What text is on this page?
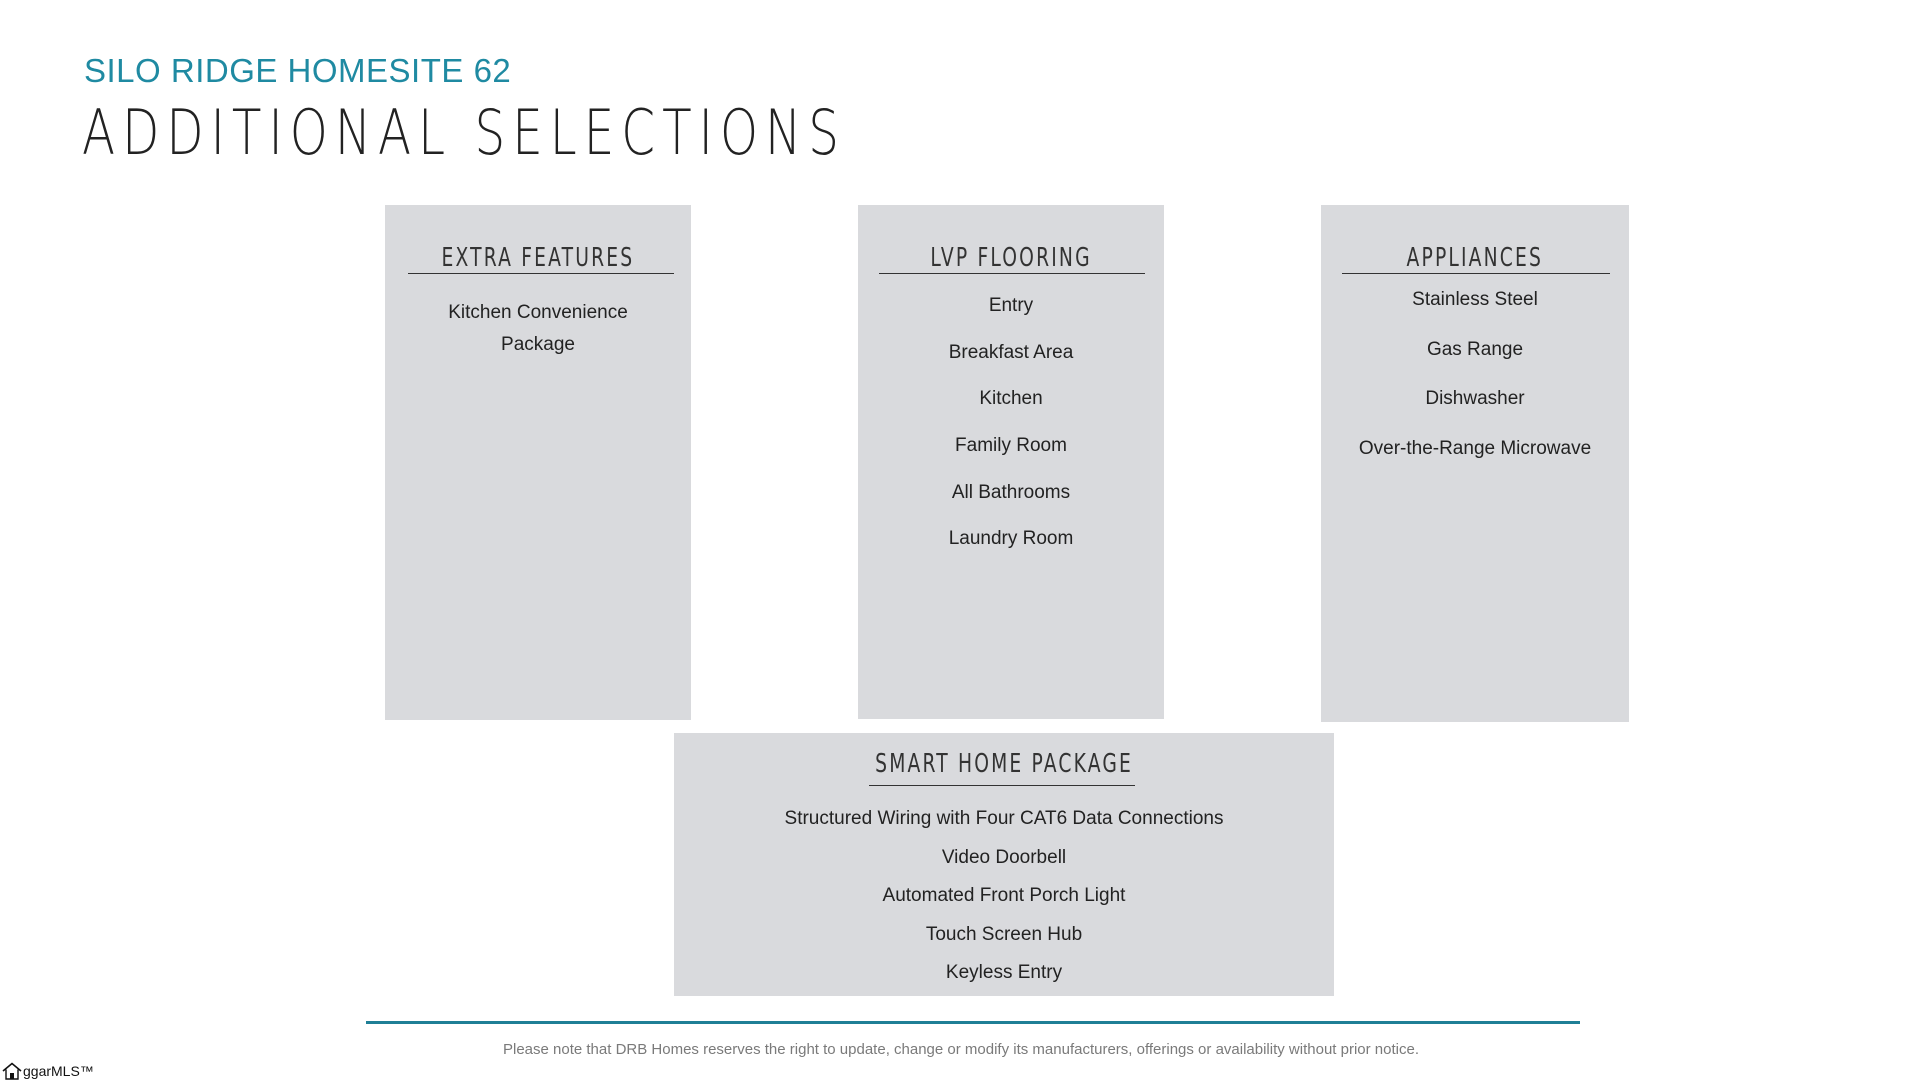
SILO RIDGE HOMESITE 62
ADDITIONAL SELECTIONS
EXTRA FEATURES
Kitchen Convenience Package
LVP FLOORING
Entry
Breakfast Area
Kitchen
Family Room
All Bathrooms
Laundry Room
APPLIANCES
Stainless Steel
Gas Range
Dishwasher
Over-the-Range Microwave
SMART HOME PACKAGE
Structured Wiring with Four CAT6 Data Connections
Video Doorbell
Automated Front Porch Light
Touch Screen Hub
Keyless Entry
Please note that DRB Homes reserves the right to update, change or modify its manufacturers, offerings or availability without prior notice.
ggarMLS™
